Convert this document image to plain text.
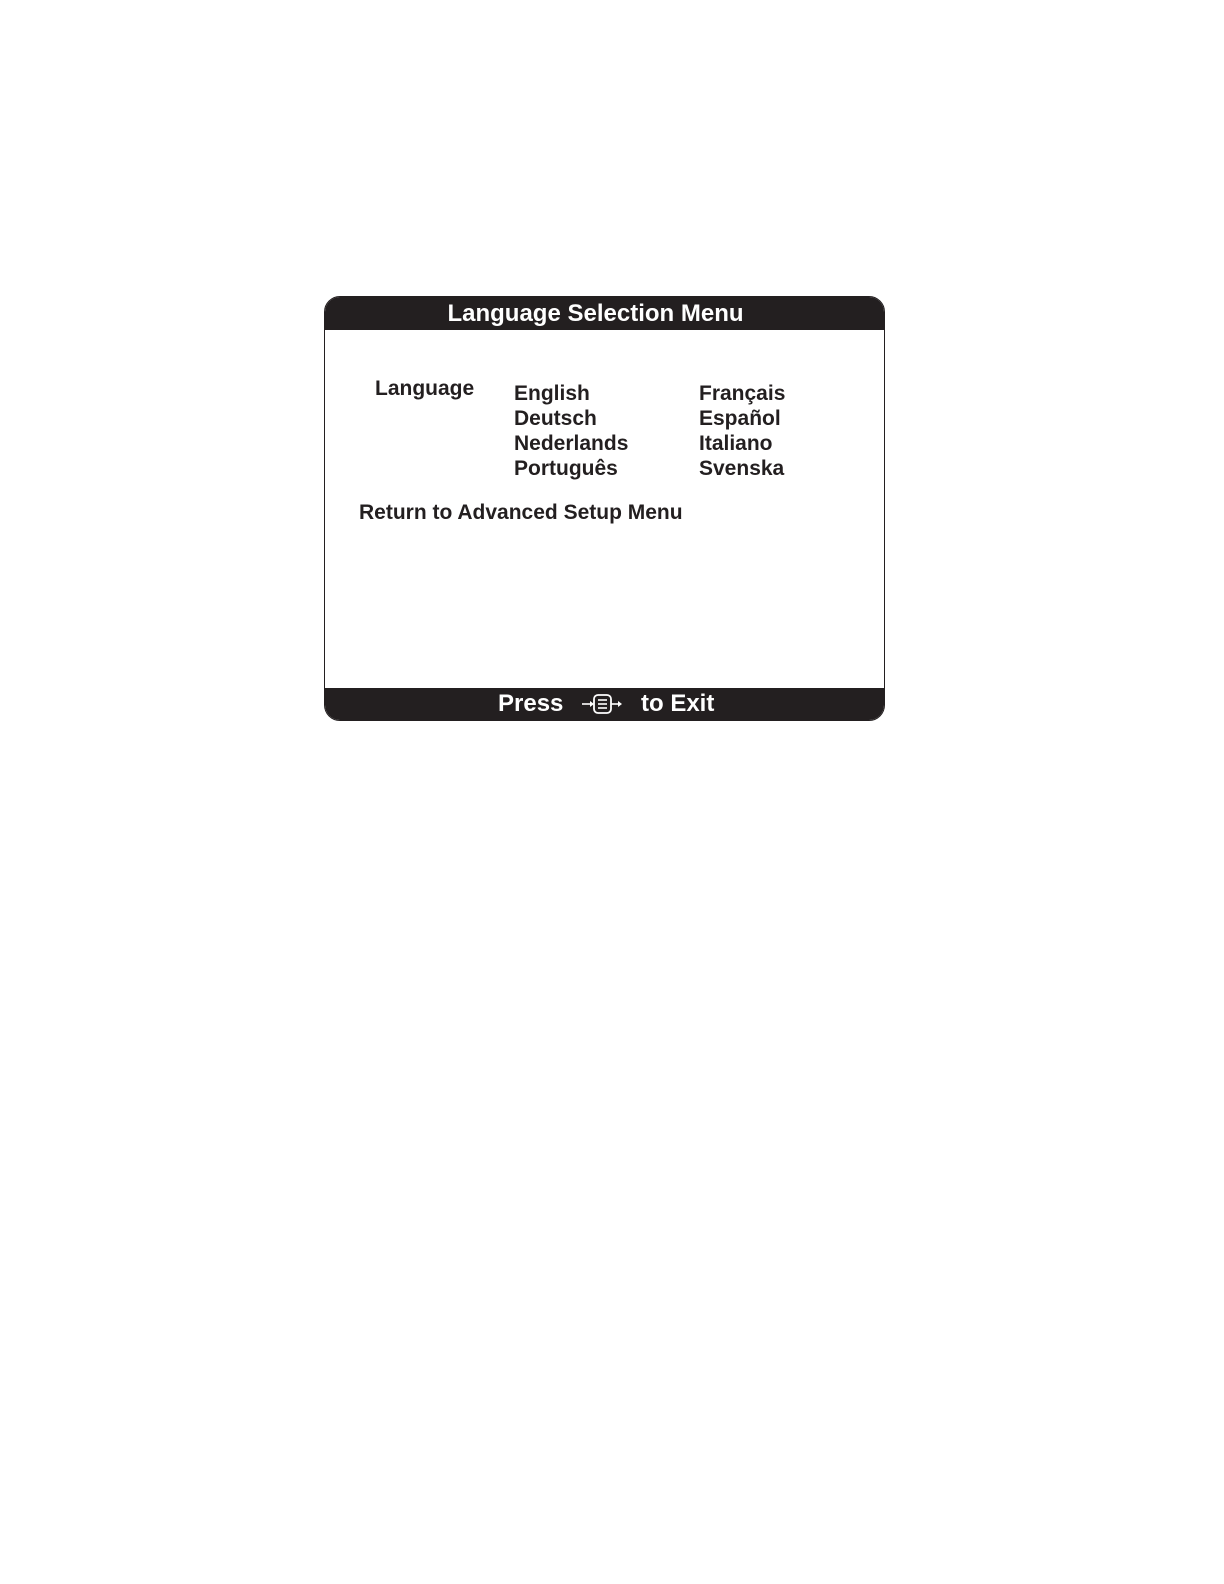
Language Selection Menu
Language English
Deutsch
Nederlands
Português
Français
Español
Italiano
Svenska
Return to Advanced Setup Menu
Press	to Exit
